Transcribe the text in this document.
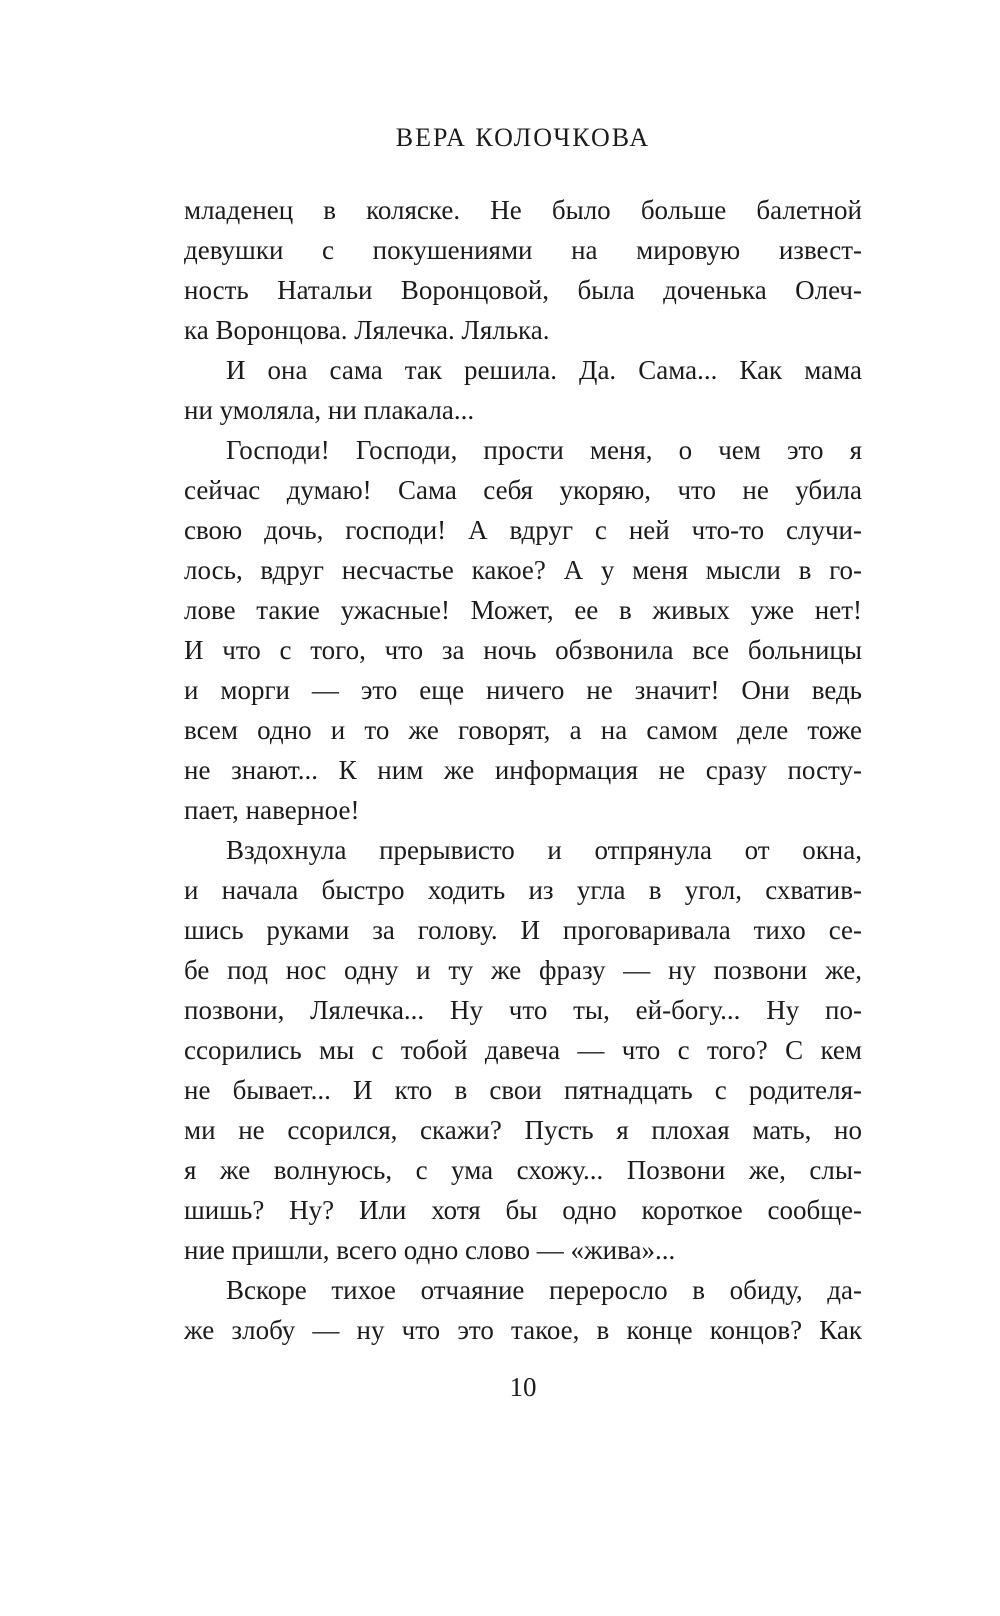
ВЕРА КОЛОЧКОВА
младенец в коляске. Не было больше балетной
девушки с покушениями на мировую извест-
ность Натальи Воронцовой, была доченька Олеч-
ка Воронцова. Лялечка. Лялька.
И она сама так решила. Да. Сама... Как мама
ни умоляла, ни плакала...
Господи! Господи, прости меня, о чем это я
сейчас думаю! Сама себя укоряю, что не убила
свою дочь, господи! А вдруг с ней что-то случи-
лось, вдруг несчастье какое? А у меня мысли в го-
лове такие ужасные! Может, ее в живых уже нет!
И что с того, что за ночь обзвонила все больницы
и морги — это еще ничего не значит! Они ведь
всем одно и то же говорят, а на самом деле тоже
не знают... К ним же информация не сразу посту-
пает, наверное!
Вздохнула прерывисто и отпрянула от окна,
и начала быстро ходить из угла в угол, схватив-
шись руками за голову. И проговаривала тихо се-
бе под нос одну и ту же фразу — ну позвони же,
позвони, Лялечка... Ну что ты, ей-богу... Ну по-
ссорились мы с тобой давеча — что с того? С кем
не бывает... И кто в свои пятнадцать с родителя-
ми не ссорился, скажи? Пусть я плохая мать, но
я же волнуюсь, с ума схожу... Позвони же, слы-
шишь? Ну? Или хотя бы одно короткое сообще-
ние пришли, всего одно слово — «жива»...
Вскоре тихое отчаяние переросло в обиду, да-
же злобу — ну что это такое, в конце концов? Как
10
